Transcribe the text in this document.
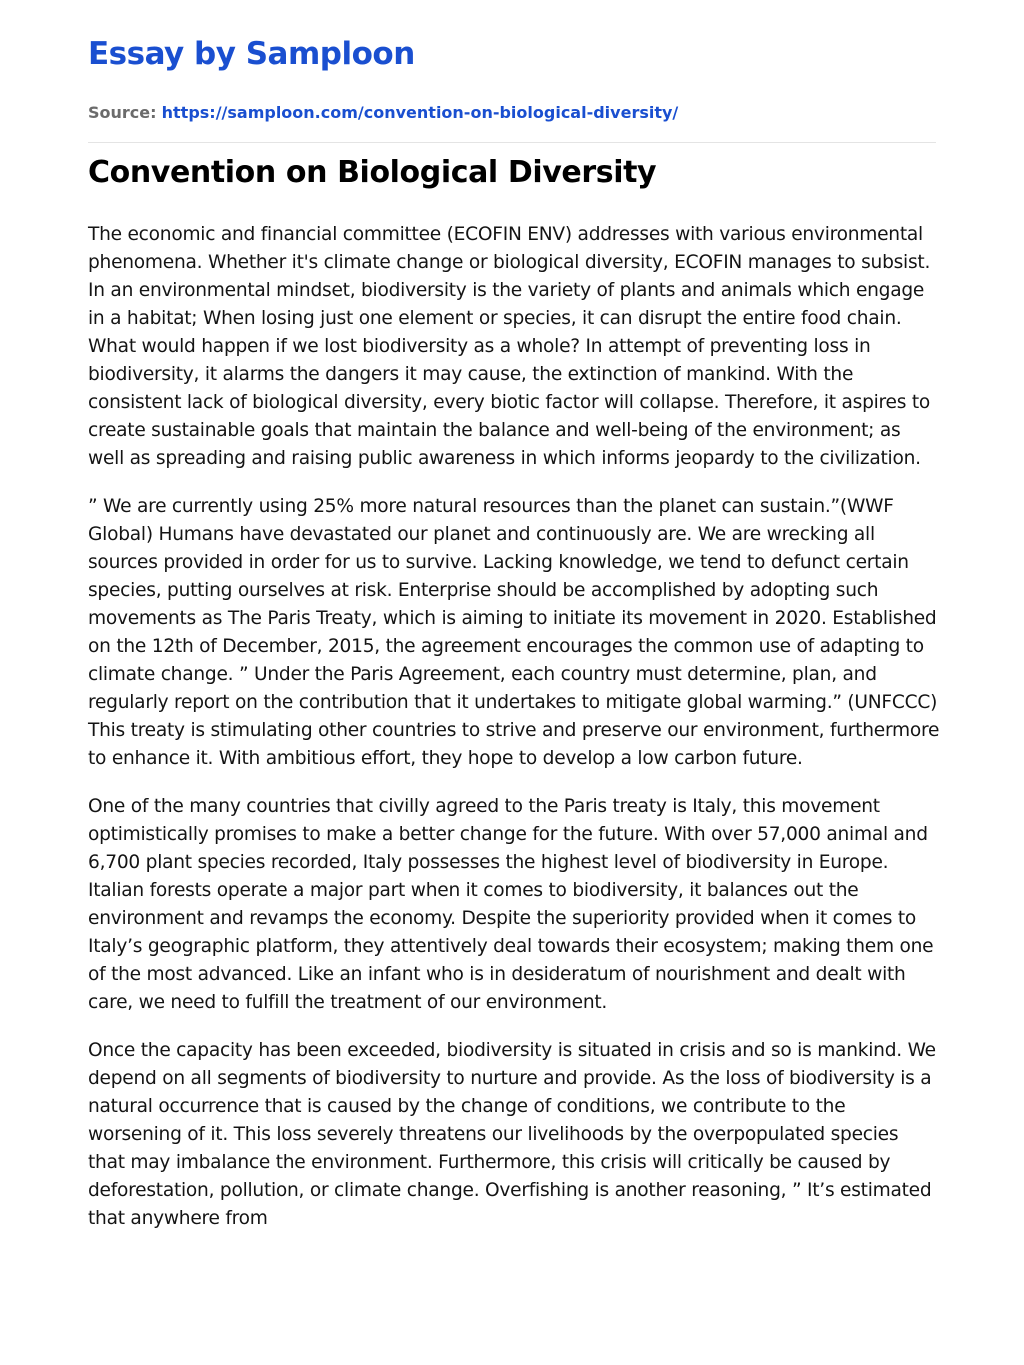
Essay by Samploon
Source: https://samploon.com/convention-on-biological-diversity/
Convention on Biological Diversity

The economic and financial committee (ECOFIN ENV) addresses with various environmental phenomena. Whether it's climate change or biological diversity, ECOFIN manages to subsist. In an environmental mindset, biodiversity is the variety of plants and animals which engage in a habitat; When losing just one element or species, it can disrupt the entire food chain. What would happen if we lost biodiversity as a whole? In attempt of preventing loss in biodiversity, it alarms the dangers it may cause, the extinction of mankind. With the consistent lack of biological diversity, every biotic factor will collapse. Therefore, it aspires to create sustainable goals that maintain the balance and well-being of the environment; as well as spreading and raising public awareness in which informs jeopardy to the civilization.

” We are currently using 25% more natural resources than the planet can sustain.”(WWF Global) Humans have devastated our planet and continuously are. We are wrecking all sources provided in order for us to survive. Lacking knowledge, we tend to defunct certain species, putting ourselves at risk. Enterprise should be accomplished by adopting such movements as The Paris Treaty, which is aiming to initiate its movement in 2020. Established on the 12th of December, 2015, the agreement encourages the common use of adapting to climate change. ” Under the Paris Agreement, each country must determine, plan, and regularly report on the contribution that it undertakes to mitigate global warming.” (UNFCCC) This treaty is stimulating other countries to strive and preserve our environment, furthermore to enhance it. With ambitious effort, they hope to develop a low carbon future.

One of the many countries that civilly agreed to the Paris treaty is Italy, this movement optimistically promises to make a better change for the future. With over 57,000 animal and 6,700 plant species recorded, Italy possesses the highest level of biodiversity in Europe. Italian forests operate a major part when it comes to biodiversity, it balances out the environment and revamps the economy. Despite the superiority provided when it comes to Italy’s geographic platform, they attentively deal towards their ecosystem; making them one of the most advanced. Like an infant who is in desideratum of nourishment and dealt with care, we need to fulfill the treatment of our environment.

Once the capacity has been exceeded, biodiversity is situated in crisis and so is mankind. We depend on all segments of biodiversity to nurture and provide. As the loss of biodiversity is a natural occurrence that is caused by the change of conditions, we contribute to the worsening of it. This loss severely threatens our livelihoods by the overpopulated species that may imbalance the environment. Furthermore, this crisis will critically be caused by deforestation, pollution, or climate change. Overfishing is another reasoning, ” It’s estimated that anywhere from
